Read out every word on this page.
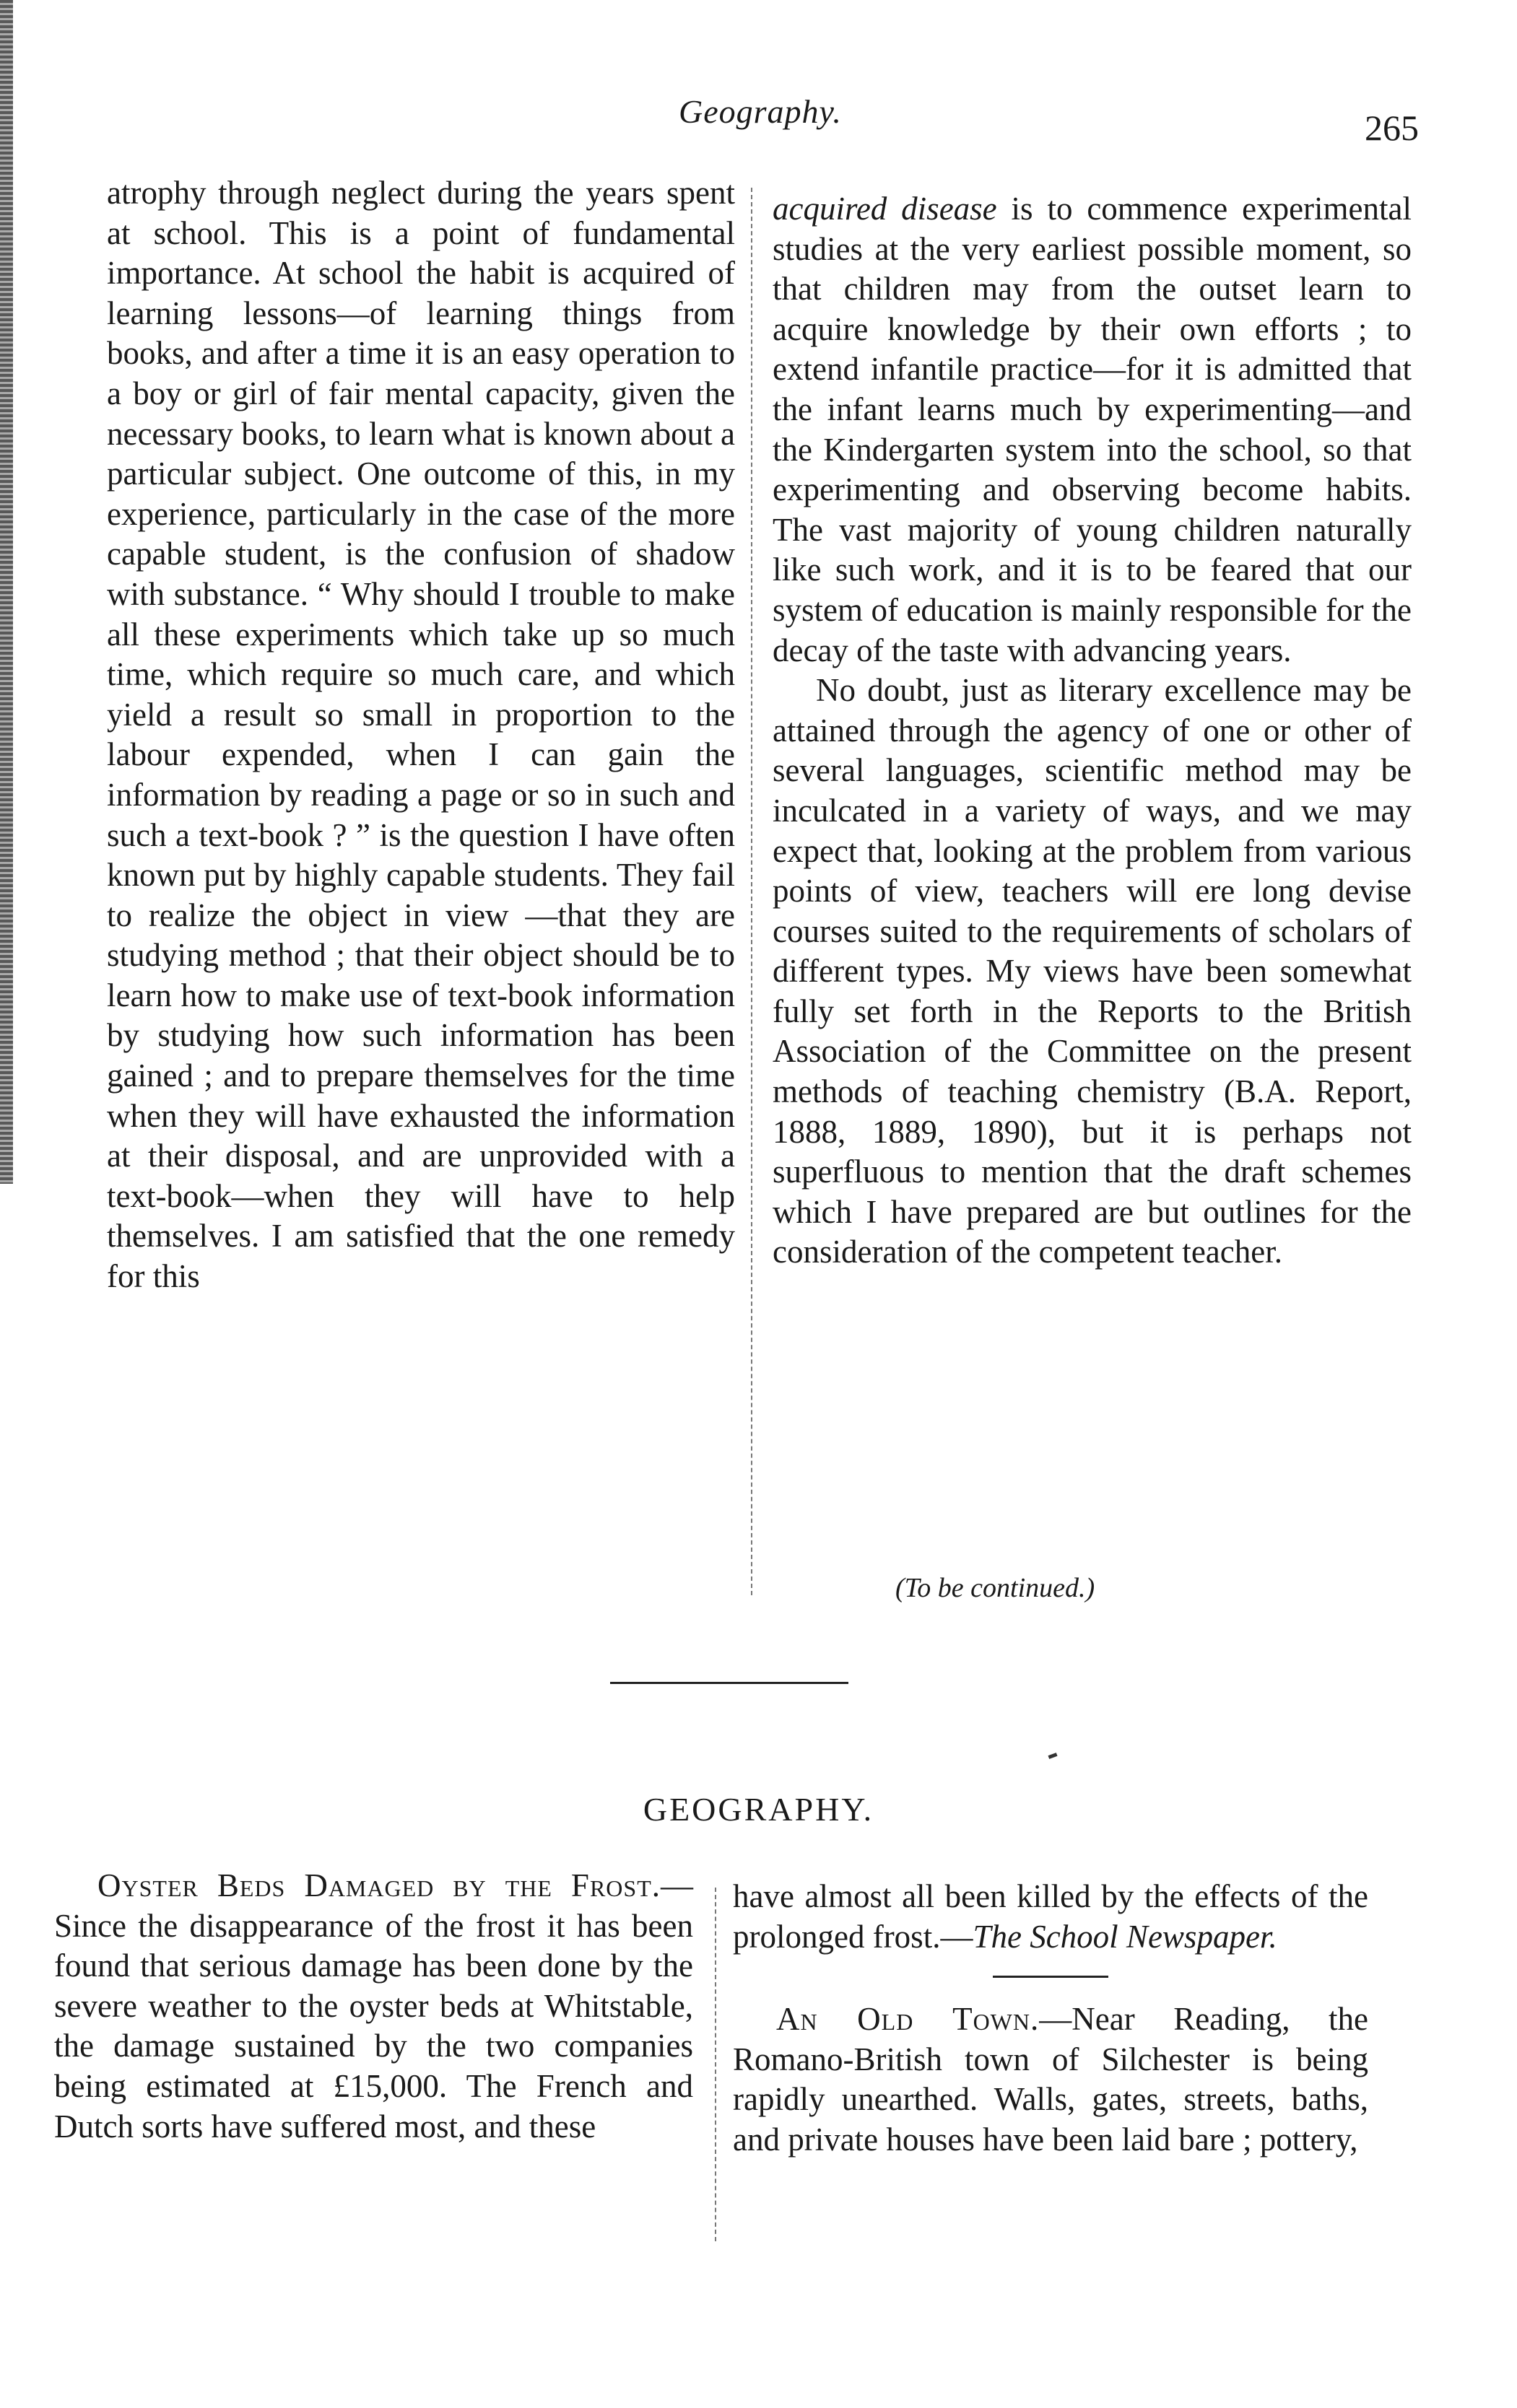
Geography.	265

atrophy through neglect during the years spent at school. This is a point of fundamental importance. At school the habit is acquired of learning lessons—of learning things from books, and after a time it is an easy operation to a boy or girl of fair mental capacity, given the necessary books, to learn what is known about a particular subject. One outcome of this, in my experience, particularly in the case of the more capable student, is the confusion of shadow with substance. “ Why should I trouble to make all these experiments which take up so much time, which require so much care, and which yield a result so small in proportion to the labour expended, when I can gain the information by reading a page or so in such and such a text-book ? ” is the question I have often known put by highly capable students. They fail to realize the object in view —that they are studying method ; that their object should be to learn how to make use of text-book information by studying how such information has been gained ; and to prepare themselves for the time when they will have exhausted the information at their disposal, and are unprovided with a text-book—when they will have to help themselves. I am satisfied that the one remedy for this

acquired disease is to commence experimental studies at the very earliest possible moment, so that children may from the outset learn to acquire knowledge by their own efforts ; to extend infantile practice—for it is admitted that the infant learns much by experimenting—and the Kindergarten system into the school, so that experimenting and observing become habits. The vast majority of young children naturally like such work, and it is to be feared that our system of education is mainly responsible for the decay of the taste with advancing years.

No doubt, just as literary excellence may be attained through the agency of one or other of several languages, scientific method may be inculcated in a variety of ways, and we may expect that, looking at the problem from various points of view, teachers will ere long devise courses suited to the requirements of scholars of different types. My views have been somewhat fully set forth in the Reports to the British Association of the Committee on the present methods of teaching chemistry (B.A. Report, 1888, 1889, 1890), but it is perhaps not superfluous to mention that the draft schemes which I have prepared are but outlines for the consideration of the competent teacher.

(To be continued.)
GEOGRAPHY.

Oyster Beds Damaged by the Frost.—Since the disappearance of the frost it has been found that serious damage has been done by the severe weather to the oyster beds at Whitstable, the damage sustained by the two companies being estimated at £15,000. The French and Dutch sorts have suffered most, and these

have almost all been killed by the effects of the prolonged frost.—The School Newspaper.

An Old Town.—Near Reading, the Romano-British town of Silchester is being rapidly unearthed. Walls, gates, streets, baths, and private houses have been laid bare ; pottery,
